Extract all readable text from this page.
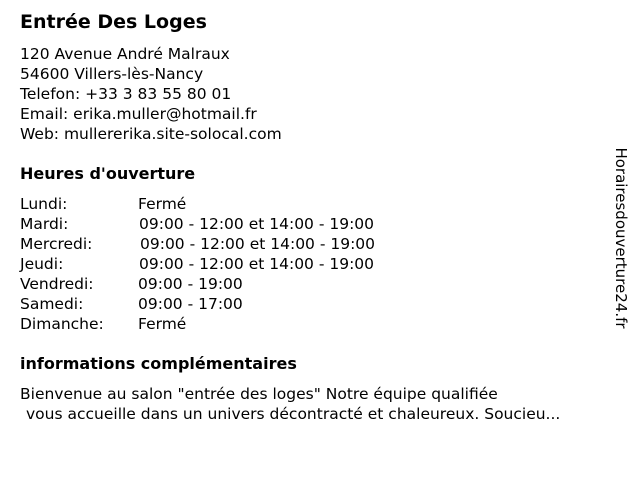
Entrée Des Loges
120 Avenue André Malraux
54600 Villers-lès-Nancy
Telefon: +33 3 83 55 80 01
Email: erika.muller@hotmail.fr
Web: mullererika.site-solocal.com
Heures d'ouverture
Lundi:	Fermé
Mardi:	09:00 - 12:00 et 14:00 - 19:00
Mercredi:	09:00 - 12:00 et 14:00 - 19:00
Jeudi:	09:00 - 12:00 et 14:00 - 19:00
Vendredi:	09:00 - 19:00
Samedi:	09:00 - 17:00
Dimanche: Fermé
informations complémentaires
Bienvenue au salon "entrée des loges" Notre équipe qualifiée
vous accueille dans un univers décontracté et chaleureux. Soucieu...
Horairesdouverture24.fr
